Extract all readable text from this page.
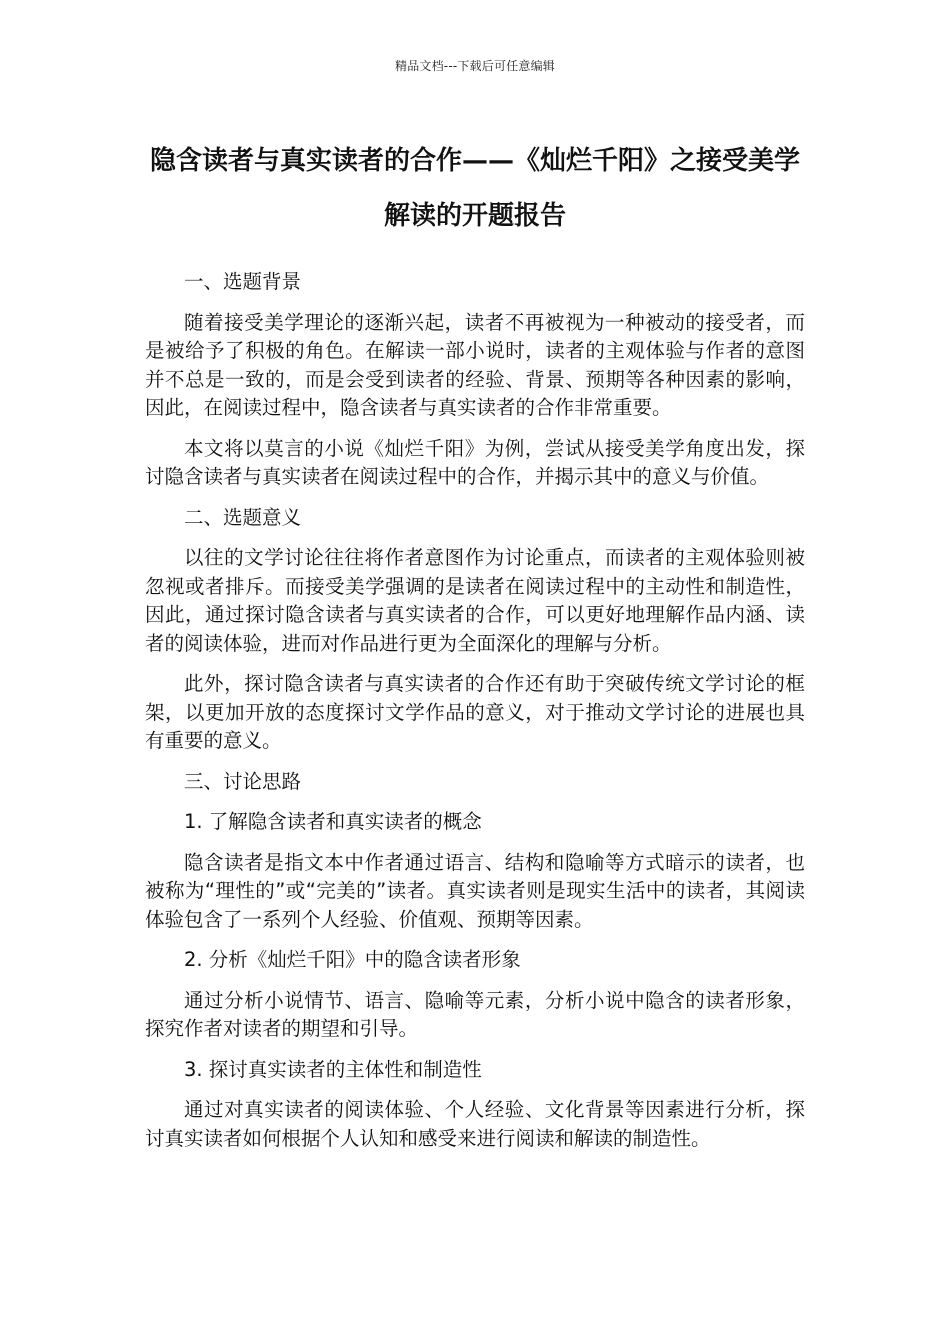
精品文档---下载后可任意编辑
隐含读者与真实读者的合作——《灿烂千阳》之接受美学解读的开题报告

一、选题背景

随着接受美学理论的逐渐兴起，读者不再被视为一种被动的接受者，而是被给予了积极的角色。在解读一部小说时，读者的主观体验与作者的意图并不总是一致的，而是会受到读者的经验、背景、预期等各种因素的影响，因此，在阅读过程中，隐含读者与真实读者的合作非常重要。

本文将以莫言的小说《灿烂千阳》为例，尝试从接受美学角度出发，探讨隐含读者与真实读者在阅读过程中的合作，并揭示其中的意义与价值。

二、选题意义

以往的文学讨论往往将作者意图作为讨论重点，而读者的主观体验则被忽视或者排斥。而接受美学强调的是读者在阅读过程中的主动性和制造性，因此，通过探讨隐含读者与真实读者的合作，可以更好地理解作品内涵、读者的阅读体验，进而对作品进行更为全面深化的理解与分析。

此外，探讨隐含读者与真实读者的合作还有助于突破传统文学讨论的框架，以更加开放的态度探讨文学作品的意义，对于推动文学讨论的进展也具有重要的意义。

三、讨论思路

1. 了解隐含读者和真实读者的概念

隐含读者是指文本中作者通过语言、结构和隐喻等方式暗示的读者，也被称为“理性的”或“完美的”读者。真实读者则是现实生活中的读者，其阅读体验包含了一系列个人经验、价值观、预期等因素。

2. 分析《灿烂千阳》中的隐含读者形象

通过分析小说情节、语言、隐喻等元素，分析小说中隐含的读者形象，探究作者对读者的期望和引导。

3. 探讨真实读者的主体性和制造性

通过对真实读者的阅读体验、个人经验、文化背景等因素进行分析，探讨真实读者如何根据个人认知和感受来进行阅读和解读的制造性。
